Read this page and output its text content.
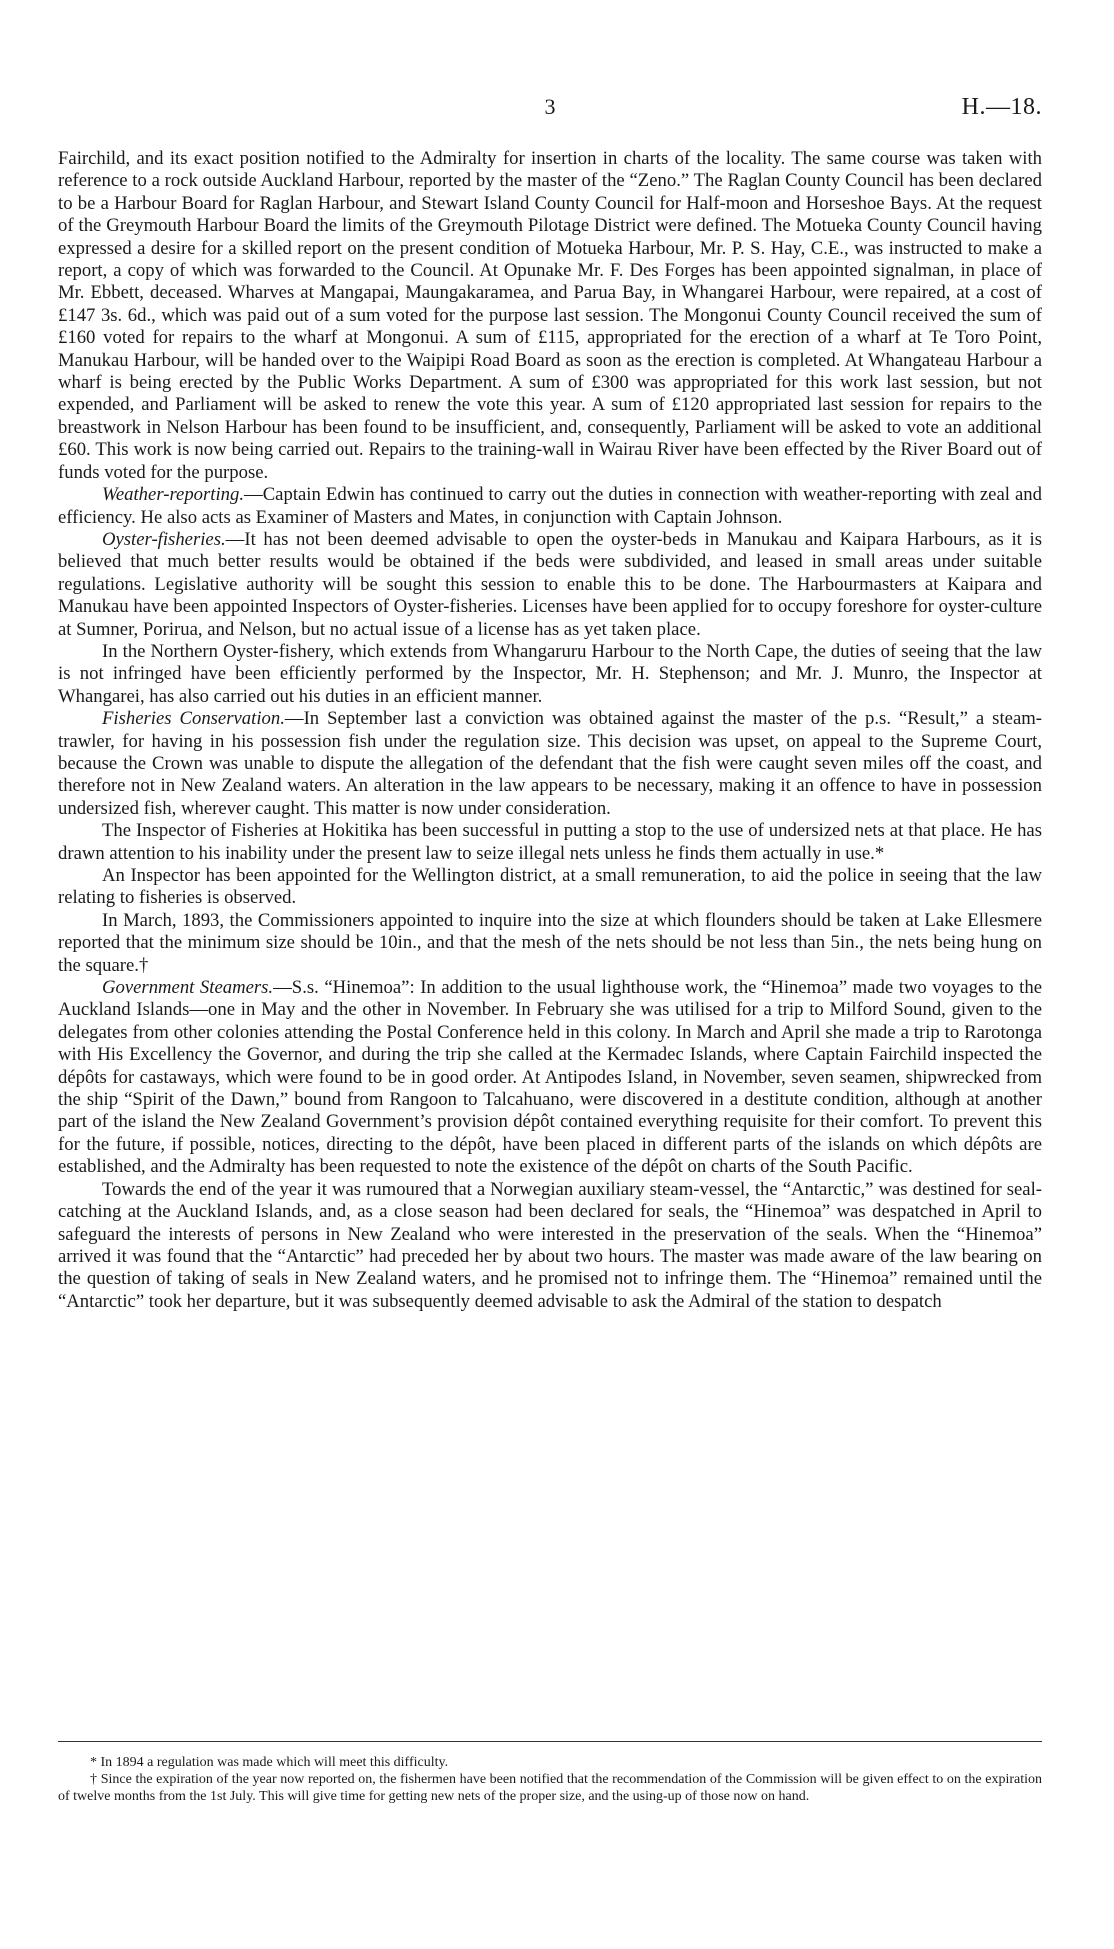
3	H.—18.

Fairchild, and its exact position notified to the Admiralty for insertion in charts of the locality. The same course was taken with reference to a rock outside Auckland Harbour, reported by the master of the “Zeno.” The Raglan County Council has been declared to be a Harbour Board for Raglan Harbour, and Stewart Island County Council for Half-moon and Horseshoe Bays. At the request of the Greymouth Harbour Board the limits of the Greymouth Pilotage District were defined. The Motueka County Council having expressed a desire for a skilled report on the present condition of Motueka Harbour, Mr. P. S. Hay, C.E., was instructed to make a report, a copy of which was forwarded to the Council. At Opunake Mr. F. Des Forges has been appointed signalman, in place of Mr. Ebbett, deceased. Wharves at Mangapai, Maungakaramea, and Parua Bay, in Whangarei Harbour, were repaired, at a cost of £147 3s. 6d., which was paid out of a sum voted for the purpose last session. The Mongonui County Council received the sum of £160 voted for repairs to the wharf at Mongonui. A sum of £115, appropriated for the erection of a wharf at Te Toro Point, Manukau Harbour, will be handed over to the Waipipi Road Board as soon as the erection is completed. At Whangateau Harbour a wharf is being erected by the Public Works Department. A sum of £300 was appropriated for this work last session, but not expended, and Parliament will be asked to renew the vote this year. A sum of £120 appropriated last session for repairs to the breastwork in Nelson Harbour has been found to be insufficient, and, consequently, Parliament will be asked to vote an additional £60. This work is now being carried out. Repairs to the training-wall in Wairau River have been effected by the River Board out of funds voted for the purpose.

Weather-reporting.—Captain Edwin has continued to carry out the duties in connection with weather-reporting with zeal and efficiency. He also acts as Examiner of Masters and Mates, in conjunction with Captain Johnson.

Oyster-fisheries.—It has not been deemed advisable to open the oyster-beds in Manukau and Kaipara Harbours, as it is believed that much better results would be obtained if the beds were subdivided, and leased in small areas under suitable regulations. Legislative authority will be sought this session to enable this to be done. The Harbourmasters at Kaipara and Manukau have been appointed Inspectors of Oyster-fisheries. Licenses have been applied for to occupy foreshore for oyster-culture at Sumner, Porirua, and Nelson, but no actual issue of a license has as yet taken place.

In the Northern Oyster-fishery, which extends from Whangaruru Harbour to the North Cape, the duties of seeing that the law is not infringed have been efficiently performed by the Inspector, Mr. H. Stephenson; and Mr. J. Munro, the Inspector at Whangarei, has also carried out his duties in an efficient manner.

Fisheries Conservation.—In September last a conviction was obtained against the master of the p.s. “Result,” a steam-trawler, for having in his possession fish under the regulation size. This decision was upset, on appeal to the Supreme Court, because the Crown was unable to dispute the allegation of the defendant that the fish were caught seven miles off the coast, and therefore not in New Zealand waters. An alteration in the law appears to be necessary, making it an offence to have in possession undersized fish, wherever caught. This matter is now under consideration.

The Inspector of Fisheries at Hokitika has been successful in putting a stop to the use of undersized nets at that place. He has drawn attention to his inability under the present law to seize illegal nets unless he finds them actually in use.*

An Inspector has been appointed for the Wellington district, at a small remuneration, to aid the police in seeing that the law relating to fisheries is observed.

In March, 1893, the Commissioners appointed to inquire into the size at which flounders should be taken at Lake Ellesmere reported that the minimum size should be 10in., and that the mesh of the nets should be not less than 5in., the nets being hung on the square.†

Government Steamers.—S.s. “Hinemoa”: In addition to the usual lighthouse work, the “Hinemoa” made two voyages to the Auckland Islands—one in May and the other in November. In February she was utilised for a trip to Milford Sound, given to the delegates from other colonies attending the Postal Conference held in this colony. In March and April she made a trip to Rarotonga with His Excellency the Governor, and during the trip she called at the Kermadec Islands, where Captain Fairchild inspected the dépôts for castaways, which were found to be in good order. At Antipodes Island, in November, seven seamen, shipwrecked from the ship “Spirit of the Dawn,” bound from Rangoon to Talcahuano, were discovered in a destitute condition, although at another part of the island the New Zealand Government’s provision dépôt contained everything requisite for their comfort. To prevent this for the future, if possible, notices, directing to the dépôt, have been placed in different parts of the islands on which dépôts are established, and the Admiralty has been requested to note the existence of the dépôt on charts of the South Pacific.

Towards the end of the year it was rumoured that a Norwegian auxiliary steam-vessel, the “Antarctic,” was destined for seal-catching at the Auckland Islands, and, as a close season had been declared for seals, the “Hinemoa” was despatched in April to safeguard the interests of persons in New Zealand who were interested in the preservation of the seals. When the “Hinemoa” arrived it was found that the “Antarctic” had preceded her by about two hours. The master was made aware of the law bearing on the question of taking of seals in New Zealand waters, and he promised not to infringe them. The “Hinemoa” remained until the “Antarctic” took her departure, but it was subsequently deemed advisable to ask the Admiral of the station to despatch

* In 1894 a regulation was made which will meet this difficulty.

† Since the expiration of the year now reported on, the fishermen have been notified that the recommendation of the Commission will be given effect to on the expiration of twelve months from the 1st July. This will give time for getting new nets of the proper size, and the using-up of those now on hand.
